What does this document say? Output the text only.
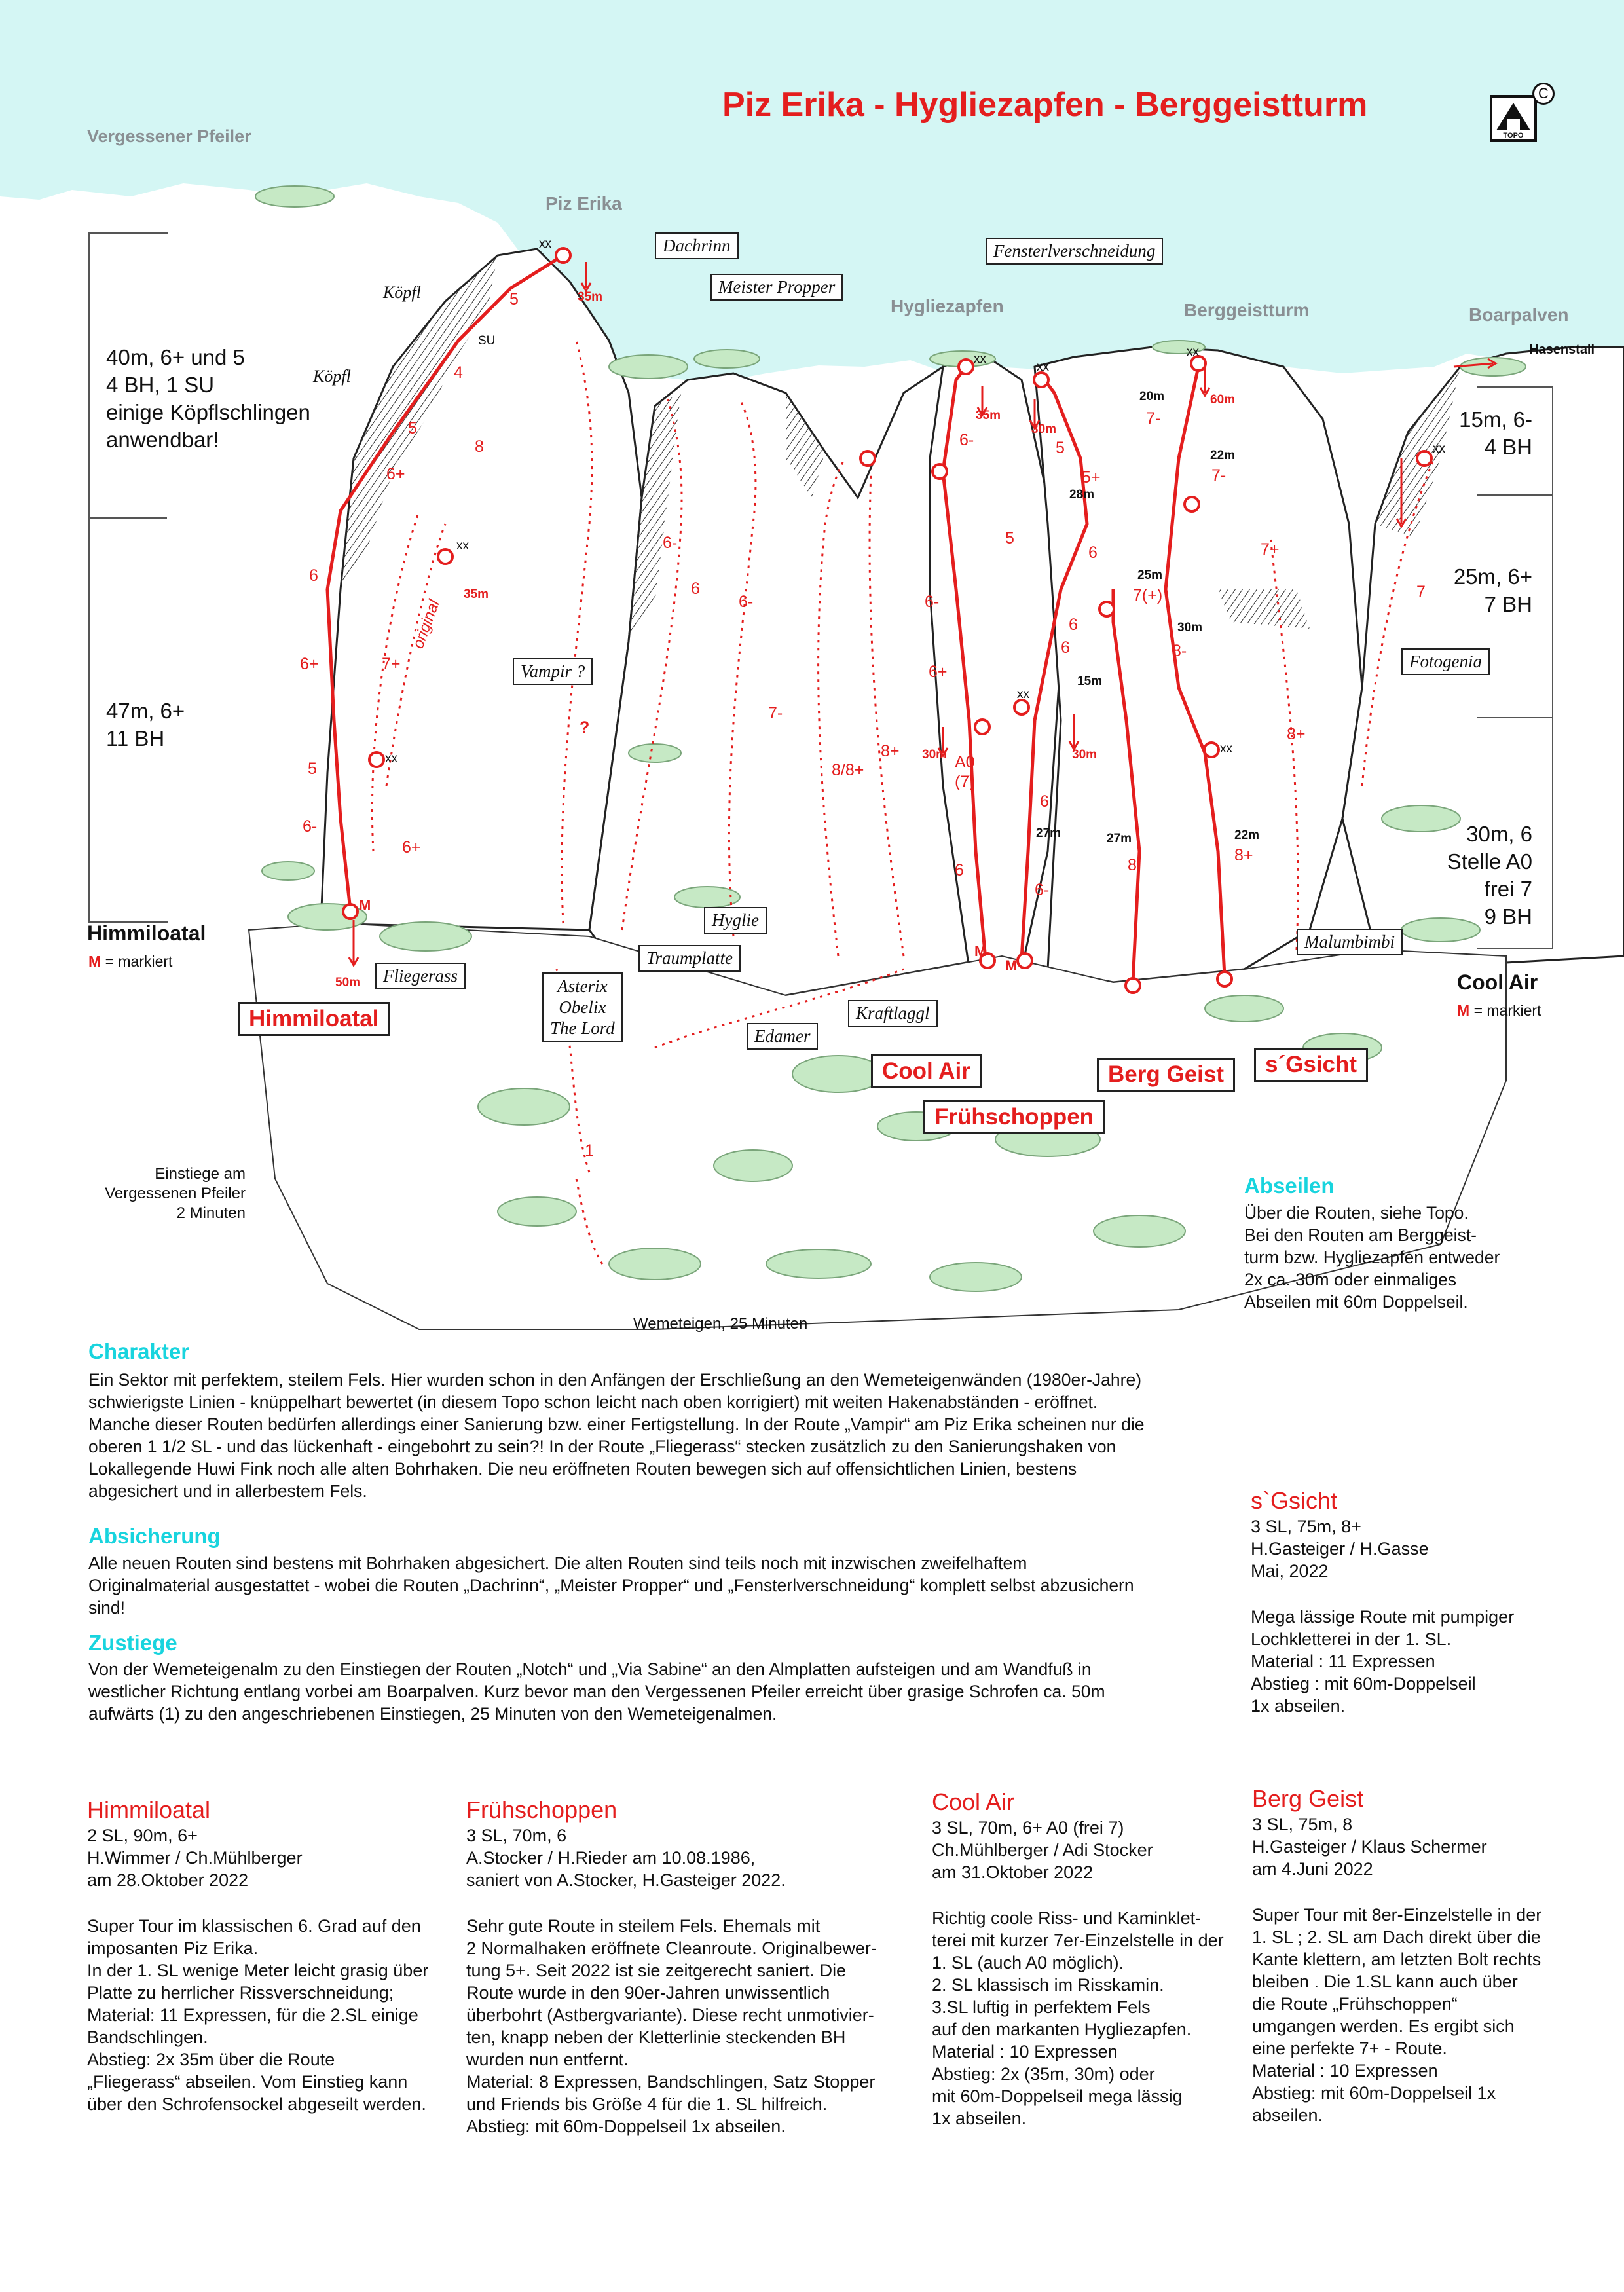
M
M
M
Piz Erika - Hygliezapfen - Berggeistturm
TOPO
C
Vergessener Pfeiler
Piz Erika
Hygliezapfen	Berggeistturm	Boarpalven
Hasenstall
40m, 6+ und 5
4 BH, 1 SU
einige Köpflschlingen
anwendbar!
47m, 6+
11 BH
Himmiloatal
M = markiert
15m, 6-
4 BH
25m, 6+
7 BH
30m, 6
Stelle A0
frei 7
9 BH
Cool Air
M = markiert
Dachrinn
Meister Propper
Fensterlverschneidung
Köpfl
Köpfl
Vampir ?	Fotogenia
Fliegerass
Asterix
Obelix
The Lord
Traumplatte
Hyglie
Edamer
Kraftlaggl
Malumbimbi
original
Himmiloatal
Cool Air
Frühschoppen
Berg Geist	s´Gsicht
5
4
5
6+
6
6+
5
6-
6+
8
7+
6-
6
6-
7-
8/8+
8+
6-
5
6-
6+
6
6
6
6-
5
5+
6
6
7-
7-
7(+)
8-
8
8+
8+
7+
7
?
1
35m
35m
50m
35m
30m
30m	30m
60m
20m
22m
28m
25m
30m
15m
27m	27m	22m
xx
xx
xx
xx
xx
xx
xx
xx
xx
SU
A0
(7)
Einstiege am
Vergessenen Pfeiler
2 Minuten
Wemeteigen, 25 Minuten
Abseilen
Über die Routen, siehe Topo.
Bei den Routen am Berggeist-
turm bzw. Hygliezapfen entweder
2x ca. 30m oder einmaliges
Abseilen mit 60m Doppelseil.
Charakter
Ein Sektor mit perfektem, steilem Fels. Hier wurden schon in den Anfängen der Erschließung an den Wemeteigenwänden (1980er-Jahre) schwierigste Linien - knüppelhart bewertet (in diesem Topo schon leicht nach oben korrigiert) mit weiten Hakenabständen - eröffnet. Manche dieser Routen bedürfen allerdings einer Sanierung bzw. einer Fertigstellung. In der Route „Vampir“ am Piz Erika scheinen nur die oberen 1 1/2 SL - und das lückenhaft - eingebohrt zu sein?! In der Route „Fliegerass“ stecken zusätzlich zu den Sanierungshaken von Lokallegende Huwi Fink noch alle alten Bohrhaken. Die neu eröffneten Routen bewegen sich auf offensichtlichen Linien, bestens abgesichert und in allerbestem Fels.
Absicherung
Alle neuen Routen sind bestens mit Bohrhaken abgesichert. Die alten Routen sind teils noch mit inzwischen zweifelhaftem Originalmaterial ausgestattet - wobei die Routen „Dachrinn“, „Meister Propper“ und „Fensterlverschneidung“ komplett selbst abzusichern sind!
Zustiege
Von der Wemeteigenalm zu den Einstiegen der Routen „Notch“ und „Via Sabine“ an den Almplatten aufsteigen und am Wandfuß in westlicher Richtung entlang vorbei am Boarpalven. Kurz bevor man den Vergessenen Pfeiler erreicht über grasige Schrofen ca. 50m aufwärts (1) zu den angeschriebenen Einstiegen, 25 Minuten von den Wemeteigenalmen.
s`Gsicht
3 SL, 75m, 8+
H.Gasteiger / H.Gasse
Mai, 2022
Mega lässige Route mit pumpiger
Lochkletterei in der 1. SL.
Material : 11 Expressen
Abstieg : mit 60m-Doppelseil
1x abseilen.
Himmiloatal
2 SL, 90m, 6+
H.Wimmer / Ch.Mühlberger
am 28.Oktober 2022
Super Tour im klassischen 6. Grad auf den
imposanten Piz Erika.
In der 1. SL wenige Meter leicht grasig über
Platte zu herrlicher Rissverschneidung;
Material: 11 Expressen, für die 2.SL einige
Bandschlingen.
Abstieg: 2x 35m über die Route
„Fliegerass“ abseilen. Vom Einstieg kann
über den Schrofensockel abgeseilt werden.
Frühschoppen
3 SL, 70m, 6
A.Stocker / H.Rieder am 10.08.1986,
saniert von A.Stocker, H.Gasteiger 2022.
Sehr gute Route in steilem Fels. Ehemals mit
2 Normalhaken eröffnete Cleanroute. Originalbewer-
tung 5+. Seit 2022 ist sie zeitgerecht saniert. Die
Route wurde in den 90er-Jahren unwissentlich
überbohrt (Astbergvariante). Diese recht unmotivier-
ten, knapp neben der Kletterlinie steckenden BH
wurden nun entfernt.
Material: 8 Expressen, Bandschlingen, Satz Stopper
und Friends bis Größe 4 für die 1. SL hilfreich.
Abstieg: mit 60m-Doppelseil 1x abseilen.
Cool Air
3 SL, 70m, 6+ A0 (frei 7)
Ch.Mühlberger / Adi Stocker
am 31.Oktober 2022
Richtig coole Riss- und Kaminklet-
terei mit kurzer 7er-Einzelstelle in der
1. SL (auch A0 möglich).
2. SL klassisch im Risskamin.
3.SL luftig in perfektem Fels
auf den markanten Hygliezapfen.
Material : 10 Expressen
Abstieg: 2x (35m, 30m) oder
mit 60m-Doppelseil mega lässig
1x abseilen.
Berg Geist
3 SL, 75m, 8
H.Gasteiger / Klaus Schermer
am 4.Juni 2022
Super Tour mit 8er-Einzelstelle in der
1. SL ; 2. SL am Dach direkt über die
Kante klettern, am letzten Bolt rechts
bleiben . Die 1.SL kann auch über
die Route „Frühschoppen“
umgangen werden. Es ergibt sich
eine perfekte 7+ - Route.
Material : 10 Expressen
Abstieg: mit 60m-Doppelseil 1x
abseilen.
